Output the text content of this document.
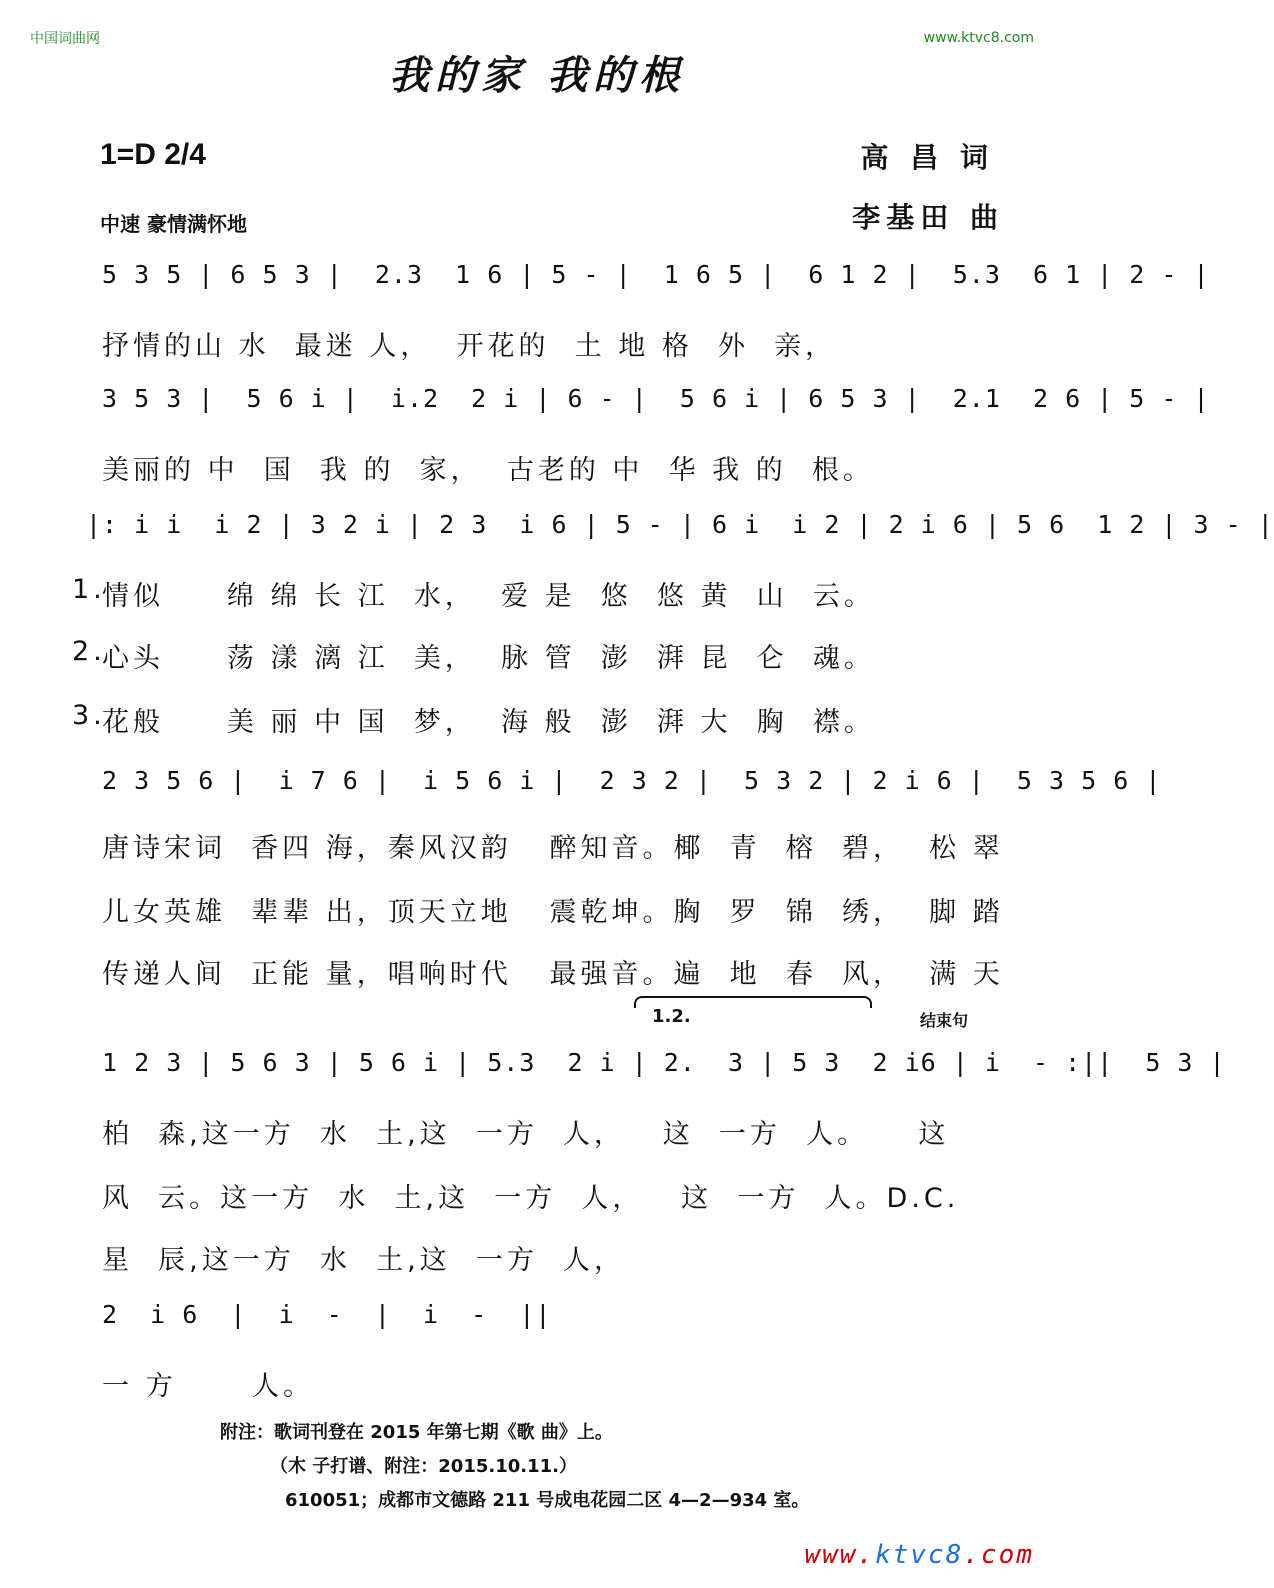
中国词曲网	www.ktvc8.com
我的家 我的根
1=D 2/4
中速 豪情满怀地
高 昌 词
李基田 曲
5 3 5 | 6 5 3 |  2.3  1 6 | 5 - |  1 6 5 |  6 1 2 |  5.3  6 1 | 2 - |
抒情的山 水  最迷 人，  开花的  土 地 格  外  亲，
3 5 3 |  5 6 i |  i.2  2 i | 6 - |  5 6 i | 6 5 3 |  2.1  2 6 | 5 - |
美丽的 中  国  我 的  家，  古老的 中  华 我 的  根。
|: i i  i 2 | 3 2 i | 2 3  i 6 | 5 - | 6 i  i 2 | 2 i 6 | 5 6  1 2 | 3 - |
1.
情似     绵 绵 长 江  水，  爱 是  悠  悠 黄  山  云。
2.
心头     荡 漾 漓 江  美，  脉 管  澎  湃 昆  仑  魂。
3.
花般     美 丽 中 国  梦，  海 般  澎  湃 大  胸  襟。
2 3 5 6 |  i 7 6 |  i 5 6 i |  2 3 2 |  5 3 2 | 2 i 6 |  5 3 5 6 |
唐诗宋词  香四 海，秦风汉韵   醉知音。椰  青  榕  碧，  松 翠
儿女英雄  辈辈 出，顶天立地   震乾坤。胸  罗  锦  绣，  脚 踏
传递人间  正能 量，唱响时代   最强音。遍  地  春  风，  满 天
1.2.	结束句
1 2 3 | 5 6 3 | 5 6 i | 5.3  2 i | 2.  3 | 5 3  2 i6 | i  - :||  5 3 |
柏  森,这一方  水  土,这  一方  人，   这  一方  人。    这
风  云。这一方  水  土,这  一方  人，   这  一方  人。D.C.
星  辰,这一方  水  土,这  一方  人，
2  i 6  |  i  -  |  i  -  ||
一 方      人。
附注：歌词刊登在 2015 年第七期《歌 曲》上。
（木 子打谱、附注：2015.10.11.）
610051；成都市文德路 211 号成电花园二区 4—2—934 室。
www.ktvc8.com
